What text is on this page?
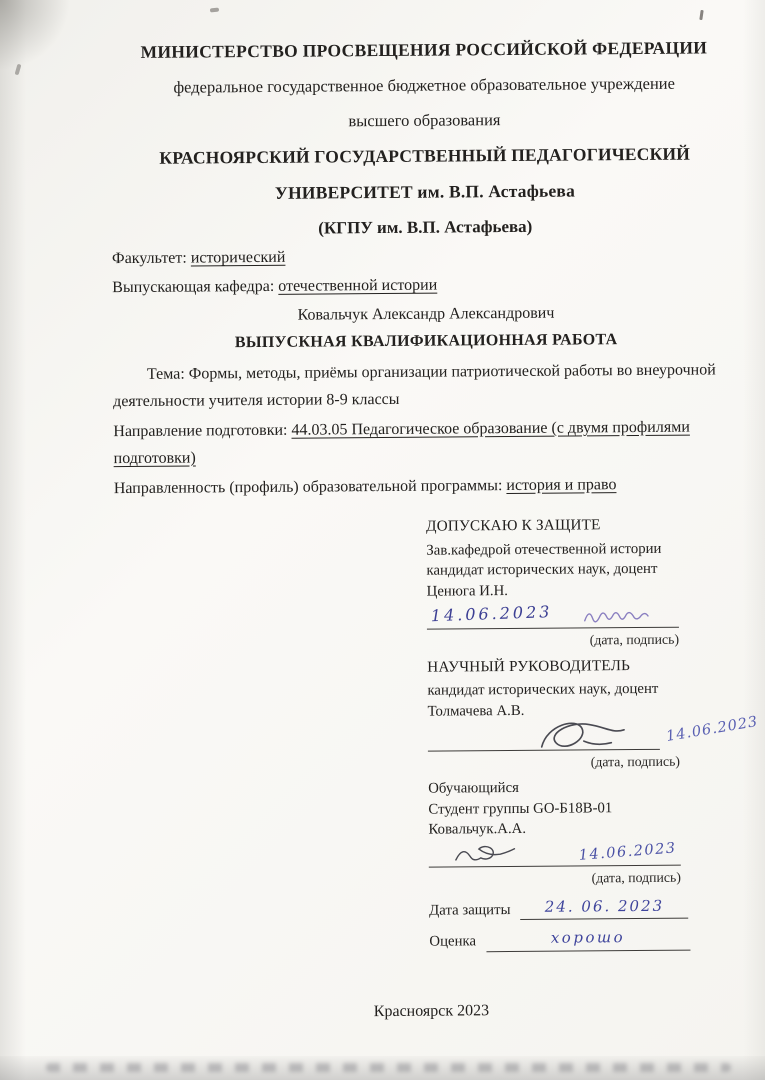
МИНИСТЕРСТВО ПРОСВЕЩЕНИЯ РОССИЙСКОЙ ФЕДЕРАЦИИ
федеральное государственное бюджетное образовательное учреждение
высшего образования
КРАСНОЯРСКИЙ ГОСУДАРСТВЕННЫЙ ПЕДАГОГИЧЕСКИЙ
УНИВЕРСИТЕТ им. В.П. Астафьева
(КГПУ им. В.П. Астафьева)
Факультет: исторический
Выпускающая кафедра: отечественной истории
Ковальчук Александр Александрович
ВЫПУСКНАЯ КВАЛИФИКАЦИОННАЯ РАБОТА

Тема: Формы, методы, приёмы организации патриотической работы во внеурочной деятельности учителя истории 8-9 классы

Направление подготовки: 44.03.05 Педагогическое образование (с двумя профилями подготовки)

Направленность (профиль) образовательной программы: история и право

ДОПУСКАЮ К ЗАЩИТЕ
Зав.кафедрой отечественной истории
кандидат исторических наук, доцент
Ценюга И.Н.
14.06.2023
(дата, подпись)
НАУЧНЫЙ РУКОВОДИТЕЛЬ
кандидат исторических наук, доцент
Толмачева А.В.
14.06.2023
(дата, подпись)
Обучающийся
Студент группы GO-Б18В-01
Ковальчук.А.А.
14.06.2023
(дата, подпись)
Дата защиты	24. 06. 2023
Оценка	хорошо
Красноярск 2023
